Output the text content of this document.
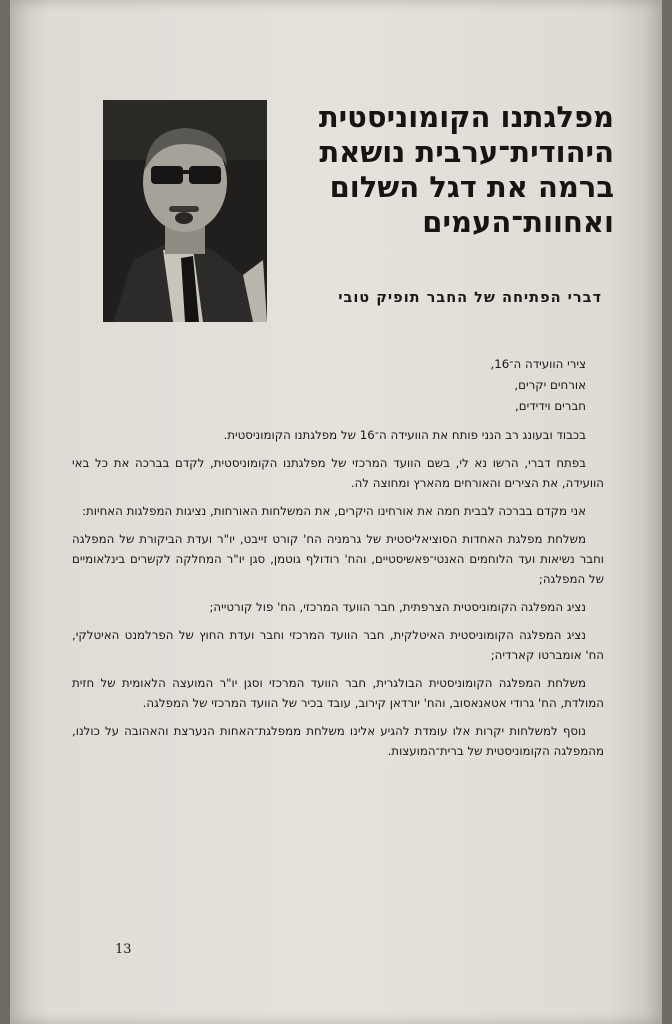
מפלגתנו הקומוניסטית
היהודית־ערבית נושאת
ברמה את דגל השלום
ואחוות־העמים
דברי הפתיחה של החבר תופיק טובי
צירי הוועידה ה־16,
אורחים יקרים,
חברים וידידים,

בכבוד ובעונג רב הנני פותח את הוועידה ה־16 של מפלגתנו הקומוניסטית.

בפתח דברי, הרשו נא לי, בשם הוועד המרכזי של מפלגתנו הקומוניסטית, לקדם בברכה את כל באי הוועידה, את הצירים והאורחים מהארץ ומחוצה לה.

אני מקדם בברכה לבבית חמה את אורחינו היקרים, את המשלחות האורחות, נציגות המפלגות האחיות:

משלחת מפלגת האחדות הסוציאליסטית של גרמניה הח' קורט זייבט, יו"ר ועדת הביקורת של המפלגה וחבר נשיאות ועד הלוחמים האנטי־פאשיסטיים, והח' רודולף גוטמן, סגן יו"ר המחלקה לקשרים בינלאומיים של המפלגה;

נציג המפלגה הקומוניסטית הצרפתית, חבר הוועד המרכזי, הח' פול קורטייה;

נציג המפלגה הקומוניסטית האיטלקית, חבר הוועד המרכזי וחבר ועדת החוץ של הפרלמנט האיטלקי, הח' אומברטו קארדיה;

משלחת המפלגה הקומוניסטית הבולגרית, חבר הוועד המרכזי וסגן יו"ר המועצה הלאומית של חזית המולדת, הח' גרודי אטאנאסוב, והח' יורדאן קירוב, עובד בכיר של הוועד המרכזי של המפלגה.

נוסף למשלחות יקרות אלו עומדת להגיע אלינו משלחת ממפלגת־האחות הנערצת והאהובה על כולנו, מהמפלגה הקומוניסטית של ברית־המועצות.

13
